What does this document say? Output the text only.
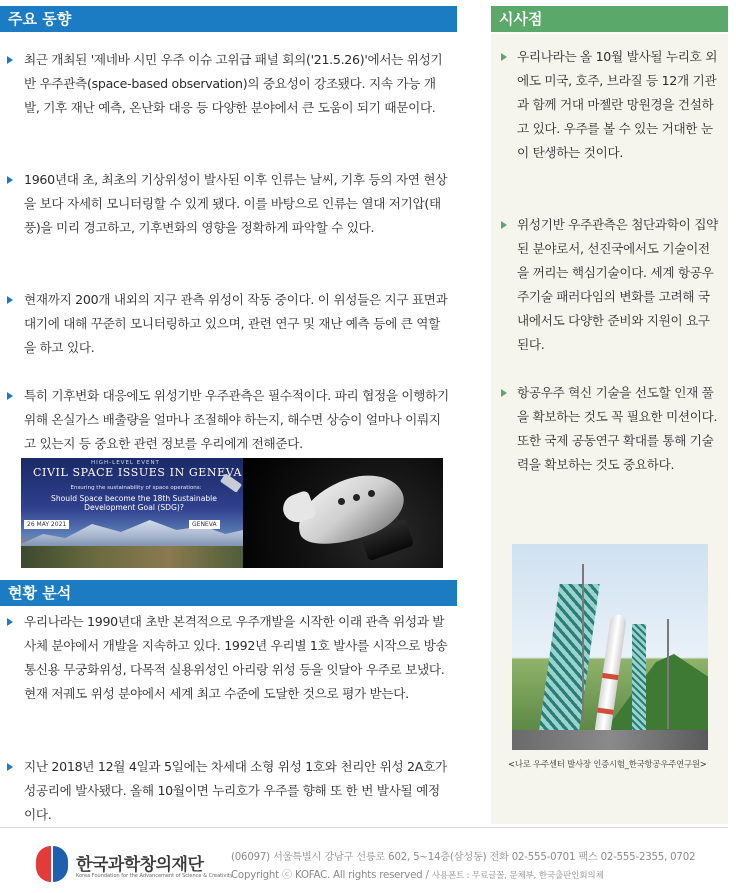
주요 동향
최근 개최된 '제네바 시민 우주 이슈 고위급 패널 회의('21.5.26)'에서는 위성기반 우주관측(space-based observation)의 중요성이 강조됐다. 지속 가능 개발, 기후 재난 예측, 온난화 대응 등 다양한 분야에서 큰 도움이 되기 때문이다.
1960년대 초, 최초의 기상위성이 발사된 이후 인류는 날씨, 기후 등의 자연 현상을 보다 자세히 모니터링할 수 있게 됐다. 이를 바탕으로 인류는 열대 저기압(태풍)을 미리 경고하고, 기후변화의 영향을 정확하게 파악할 수 있다.
현재까지 200개 내외의 지구 관측 위성이 작동 중이다. 이 위성들은 지구 표면과 대기에 대해 꾸준히 모니터링하고 있으며, 관련 연구 및 재난 예측 등에 큰 역할을 하고 있다.
특히 기후변화 대응에도 위성기반 우주관측은 필수적이다. 파리 협정을 이행하기 위해 온실가스 배출량을 얼마나 조절해야 하는지, 해수면 상승이 얼마나 이뤄지고 있는지 등 중요한 관련 정보를 우리에게 전해준다.
HIGH-LEVEL EVENT
CIVIL SPACE ISSUES IN GENEVA
Ensuring the sustainability of space operations:
Should Space become the 18th Sustainable Development Goal (SDG)?
26 MAY 2021	GENEVA
현황 분석
우리나라는 1990년대 초반 본격적으로 우주개발을 시작한 이래 관측 위성과 발사체 분야에서 개발을 지속하고 있다. 1992년 우리별 1호 발사를 시작으로 방송통신용 무궁화위성, 다목적 실용위성인 아리랑 위성 등을 잇달아 우주로 보냈다. 현재 저궤도 위성 분야에서 세계 최고 수준에 도달한 것으로 평가 받는다.
지난 2018년 12월 4일과 5일에는 차세대 소형 위성 1호와 천리안 위성 2A호가 성공리에 발사됐다. 올해 10월이면 누리호가 우주를 향해 또 한 번 발사될 예정이다.
시사점
우리나라는 올 10월 발사될 누리호 외에도 미국, 호주, 브라질 등 12개 기관과 함께 거대 마젤란 망원경을 건설하고 있다. 우주를 볼 수 있는 거대한 눈이 탄생하는 것이다.
위성기반 우주관측은 첨단과학이 집약된 분야로서, 선진국에서도 기술이전을 꺼리는 핵심기술이다. 세계 항공우주기술 패러다임의 변화를 고려해 국내에서도 다양한 준비와 지원이 요구된다.
항공우주 혁신 기술을 선도할 인재 풀을 확보하는 것도 꼭 필요한 미션이다. 또한 국제 공동연구 확대를 통해 기술력을 확보하는 것도 중요하다.
<나로 우주센터 발사장 인증시험_한국항공우주연구원>
한국과학창의재단
Korea Foundation for the Advancement of Science & Creativity
(06097) 서울특별시 강남구 선릉로 602, 5~14층(삼성동) 전화 02-555-0701 팩스 02-555-2355, 0702
Copyright ⓒ KOFAC. All rights reserved / 사용폰트 : 무료글꼴, 문체부, 한국출판인회의체
